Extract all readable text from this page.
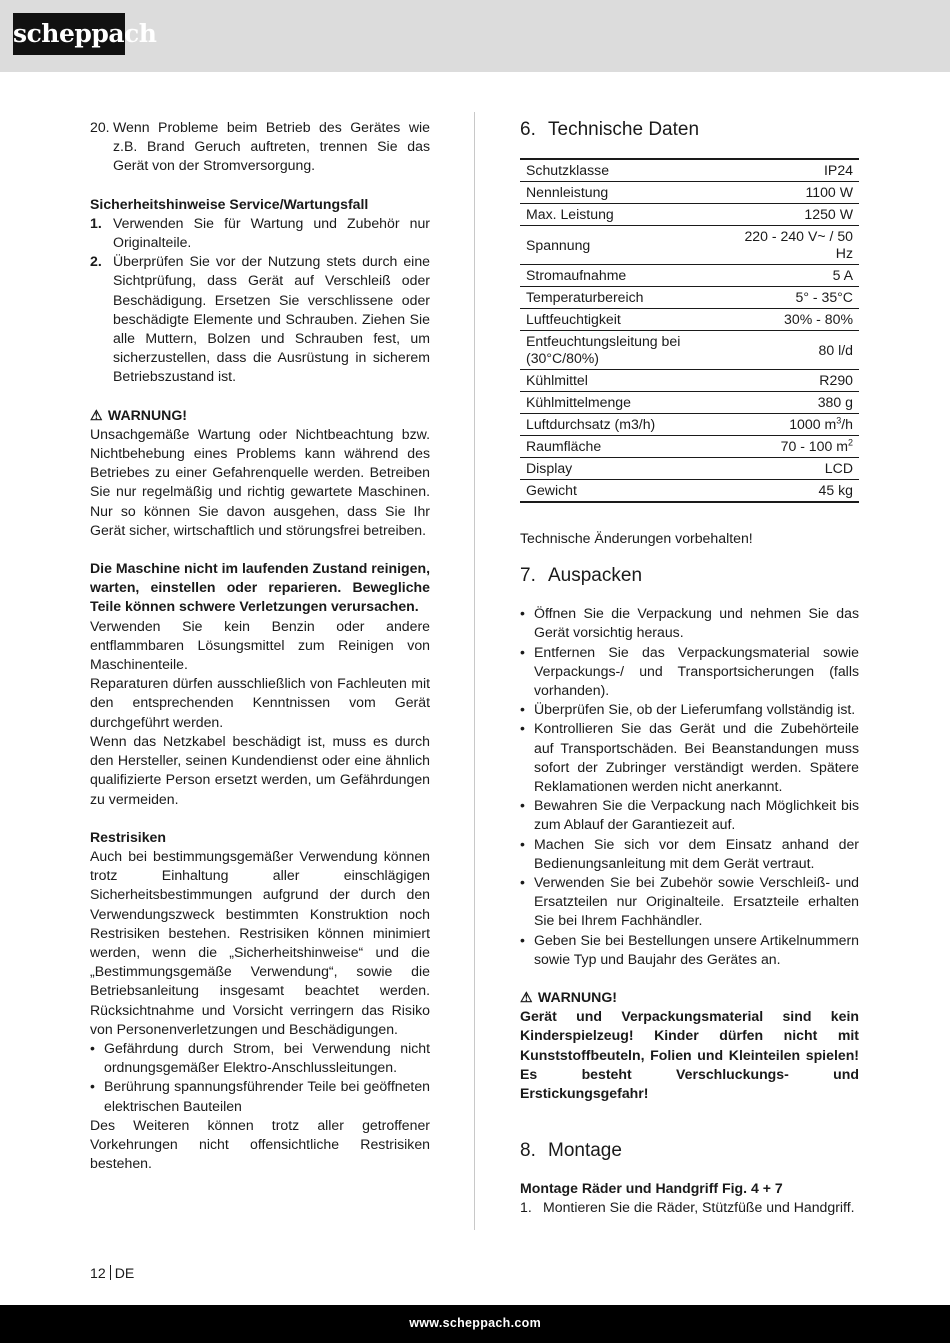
scheppach
20. Wenn Probleme beim Betrieb des Gerätes wie z.B. Brand Geruch auftreten, trennen Sie das Gerät von der Stromversorgung.
Sicherheitshinweise Service/Wartungsfall
1. Verwenden Sie für Wartung und Zubehör nur Originalteile.
2. Überprüfen Sie vor der Nutzung stets durch eine Sichtprüfung, dass Gerät auf Verschleiß oder Beschädigung. Ersetzen Sie verschlissene oder beschädigte Elemente und Schrauben. Ziehen Sie alle Muttern, Bolzen und Schrauben fest, um sicherzustellen, dass die Ausrüstung in sicherem Betriebszustand ist.
⚠ WARNUNG!
Unsachgemäße Wartung oder Nichtbeachtung bzw. Nichtbehebung eines Problems kann während des Betriebes zu einer Gefahrenquelle werden. Betreiben Sie nur regelmäßig und richtig gewartete Maschinen. Nur so können Sie davon ausgehen, dass Sie Ihr Gerät sicher, wirtschaftlich und störungsfrei betreiben.
Die Maschine nicht im laufenden Zustand reinigen, warten, einstellen oder reparieren. Bewegliche Teile können schwere Verletzungen verursachen.
Verwenden Sie kein Benzin oder andere entflammbaren Lösungsmittel zum Reinigen von Maschinenteile.
Reparaturen dürfen ausschließlich von Fachleuten mit den entsprechenden Kenntnissen vom Gerät durchgeführt werden.
Wenn das Netzkabel beschädigt ist, muss es durch den Hersteller, seinen Kundendienst oder eine ähnlich qualifizierte Person ersetzt werden, um Gefährdungen zu vermeiden.
Restrisiken
Auch bei bestimmungsgemäßer Verwendung können trotz Einhaltung aller einschlägigen Sicherheitsbestimmungen aufgrund der durch den Verwendungszweck bestimmten Konstruktion noch Restrisiken bestehen. Restrisiken können minimiert werden, wenn die „Sicherheitshinweise“ und die „Bestimmungsgemäße Verwendung“, sowie die Betriebsanleitung insgesamt beachtet werden. Rücksichtnahme und Vorsicht verringern das Risiko von Personenverletzungen und Beschädigungen.
• Gefährdung durch Strom, bei Verwendung nicht ordnungsgemäßer Elektro-Anschlussleitungen.
• Berührung spannungsführender Teile bei geöffneten elektrischen Bauteilen
Des Weiteren können trotz aller getroffener Vorkehrungen nicht offensichtliche Restrisiken bestehen.
6. Technische Daten
Schutzklasse	IP24
Nennleistung	1100 W
Max. Leistung	1250 W
Spannung	220 - 240 V~ / 50 Hz
Stromaufnahme	5 A
Temperaturbereich	5° - 35°C
Luftfeuchtigkeit	30% - 80%
Entfeuchtungsleitung bei (30°C/80%)	80 l/d
Kühlmittel	R290
Kühlmittelmenge	380 g
Luftdurchsatz (m3/h)	1000 $m^3/h$
Raumfläche	70 - 100 $m^2$
Display	LCD
Gewicht	45 kg
Technische Änderungen vorbehalten!
7. Auspacken
• Öffnen Sie die Verpackung und nehmen Sie das Gerät vorsichtig heraus.
• Entfernen Sie das Verpackungsmaterial sowie Verpackungs-/ und Transportsicherungen (falls vorhanden).
• Überprüfen Sie, ob der Lieferumfang vollständig ist.
• Kontrollieren Sie das Gerät und die Zubehörteile auf Transportschäden. Bei Beanstandungen muss sofort der Zubringer verständigt werden. Spätere Reklamationen werden nicht anerkannt.
• Bewahren Sie die Verpackung nach Möglichkeit bis zum Ablauf der Garantiezeit auf.
• Machen Sie sich vor dem Einsatz anhand der Bedienungsanleitung mit dem Gerät vertraut.
• Verwenden Sie bei Zubehör sowie Verschleiß- und Ersatzteilen nur Originalteile. Ersatzteile erhalten Sie bei Ihrem Fachhändler.
• Geben Sie bei Bestellungen unsere Artikelnummern sowie Typ und Baujahr des Gerätes an.
⚠ WARNUNG!
Gerät und Verpackungsmaterial sind kein Kinderspielzeug! Kinder dürfen nicht mit Kunststoffbeuteln, Folien und Kleinteilen spielen! Es besteht Verschluckungs- und Erstickungsgefahr!
8. Montage
Montage Räder und Handgriff Fig. 4 + 7
1. Montieren Sie die Räder, Stützfüße und Handgriff.
12 DE
www.scheppach.com
